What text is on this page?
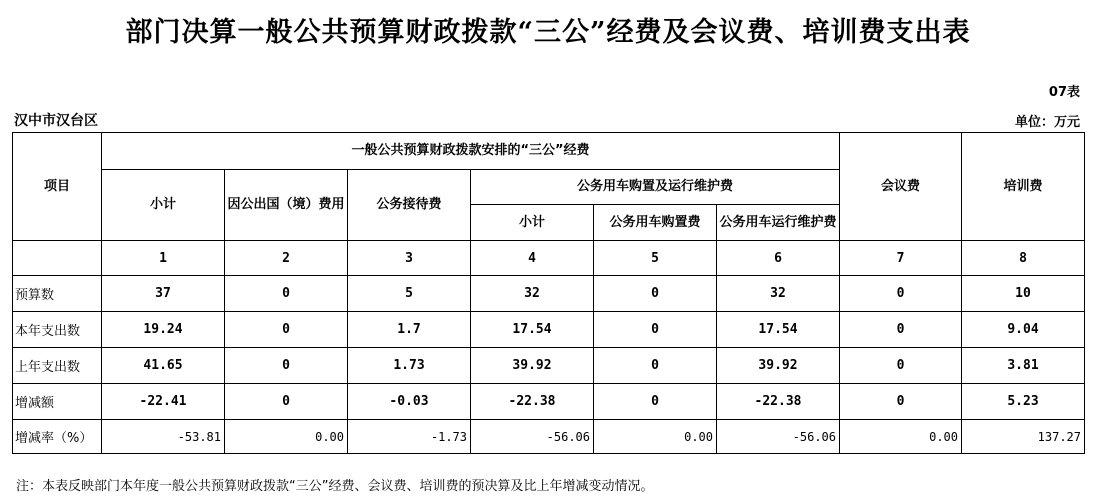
部门决算一般公共预算财政拨款“三公”经费及会议费、培训费支出表
07表
汉中市汉台区	单位：万元
项目	一般公共预算财政拨款安排的“三公”经费						会议费	培训费
	小计	因公出国（境）费用	公务接待费	公务用车购置及运行维护费				
				小计	公务用车购置费	公务用车运行维护费		
	1	2	3	4	5	6	7	8
预算数	37	0	5	32	0	32	0	10
本年支出数	19.24	0	1.7	17.54	0	17.54	0	9.04
上年支出数	41.65	0	1.73	39.92	0	39.92	0	3.81
增减额	-22.41	0	-0.03	-22.38	0	-22.38	0	5.23
增减率（%）	-53.81	0.00	-1.73	-56.06	0.00	-56.06	0.00	137.27
注：本表反映部门本年度一般公共预算财政拨款“三公”经费、会议费、培训费的预决算及比上年增减变动情况。
